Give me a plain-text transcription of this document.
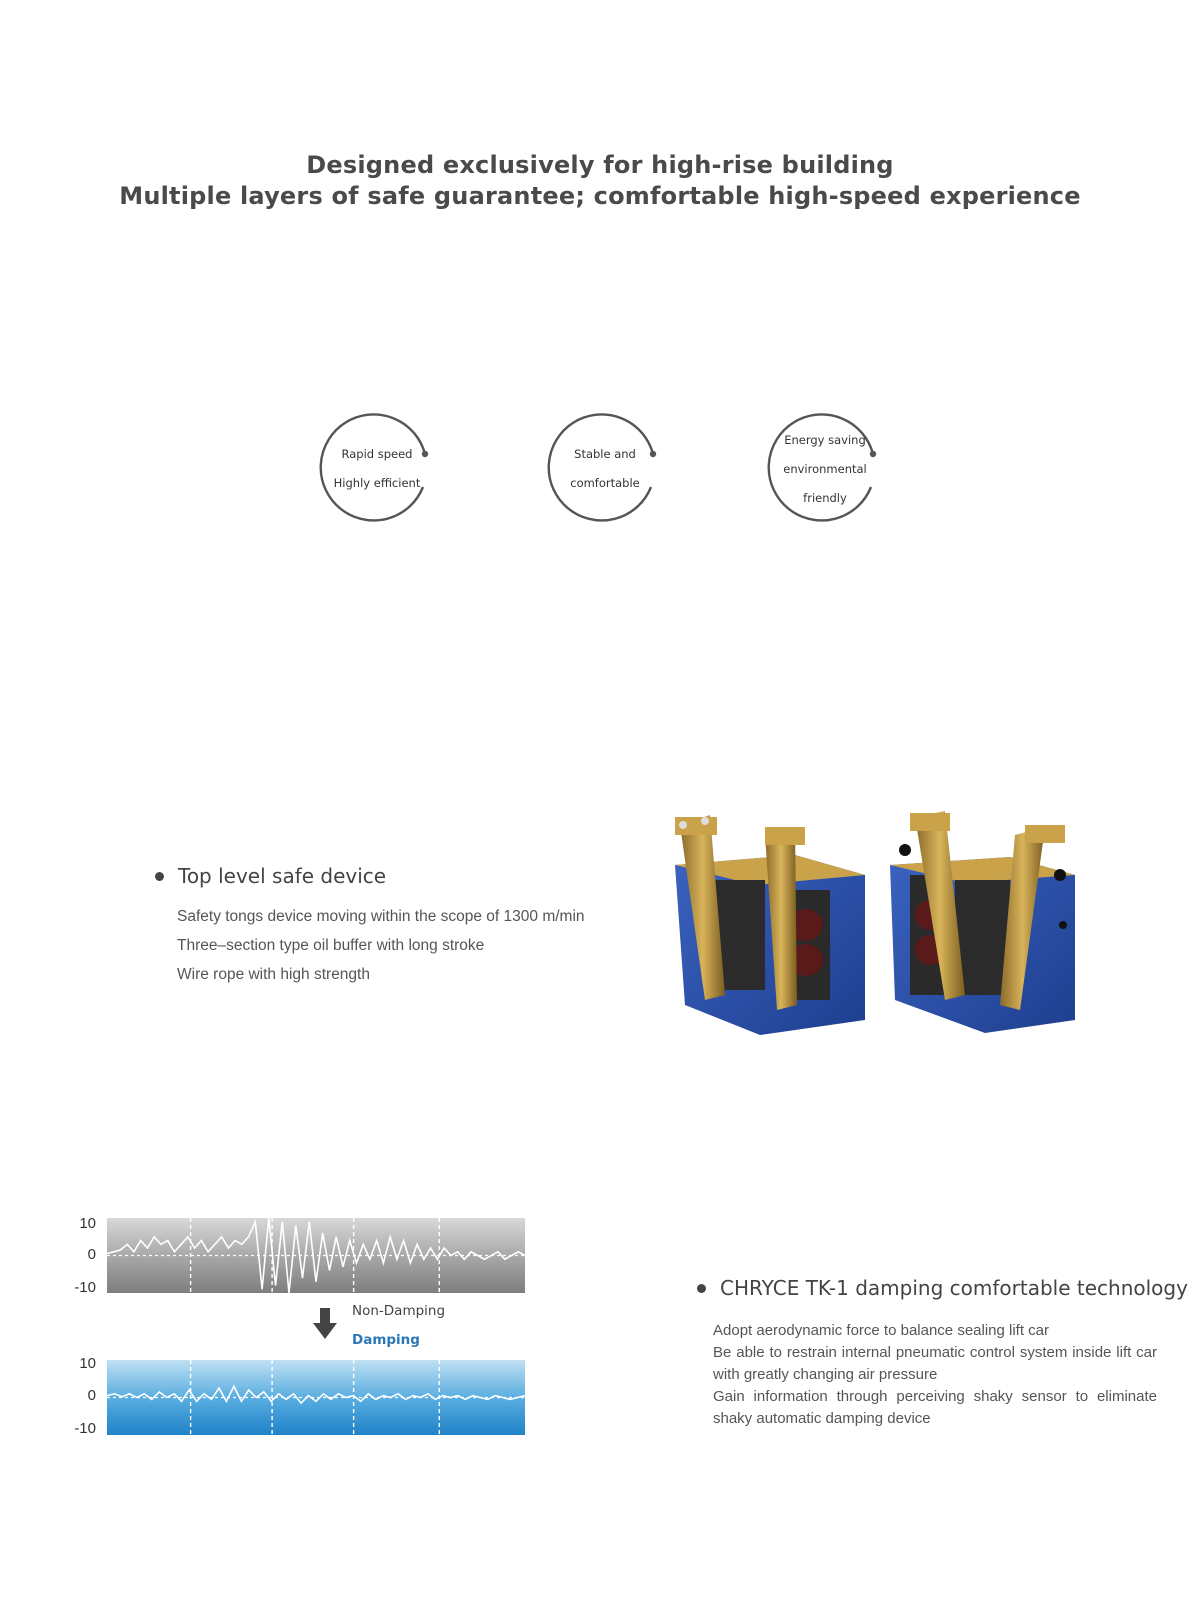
Designed exclusively for high-rise building
Multiple layers of safe guarantee; comfortable high-speed experience
Rapid speed
Highly efficient
Stable and
comfortable
Energy saving
environmental
friendly
Top level safe device
Safety tongs device moving within the scope of 1300 m/min
Three–section type oil buffer with long stroke
Wire rope with high strength
10
0
-10
10
0
-10
Non-Damping
Damping
CHRYCE TK-1 damping comfortable technology
Adopt aerodynamic force to balance sealing lift car
Be able to restrain internal pneumatic control system inside lift car with greatly changing air pressure
Gain information through perceiving shaky sensor to eliminate shaky automatic damping device
